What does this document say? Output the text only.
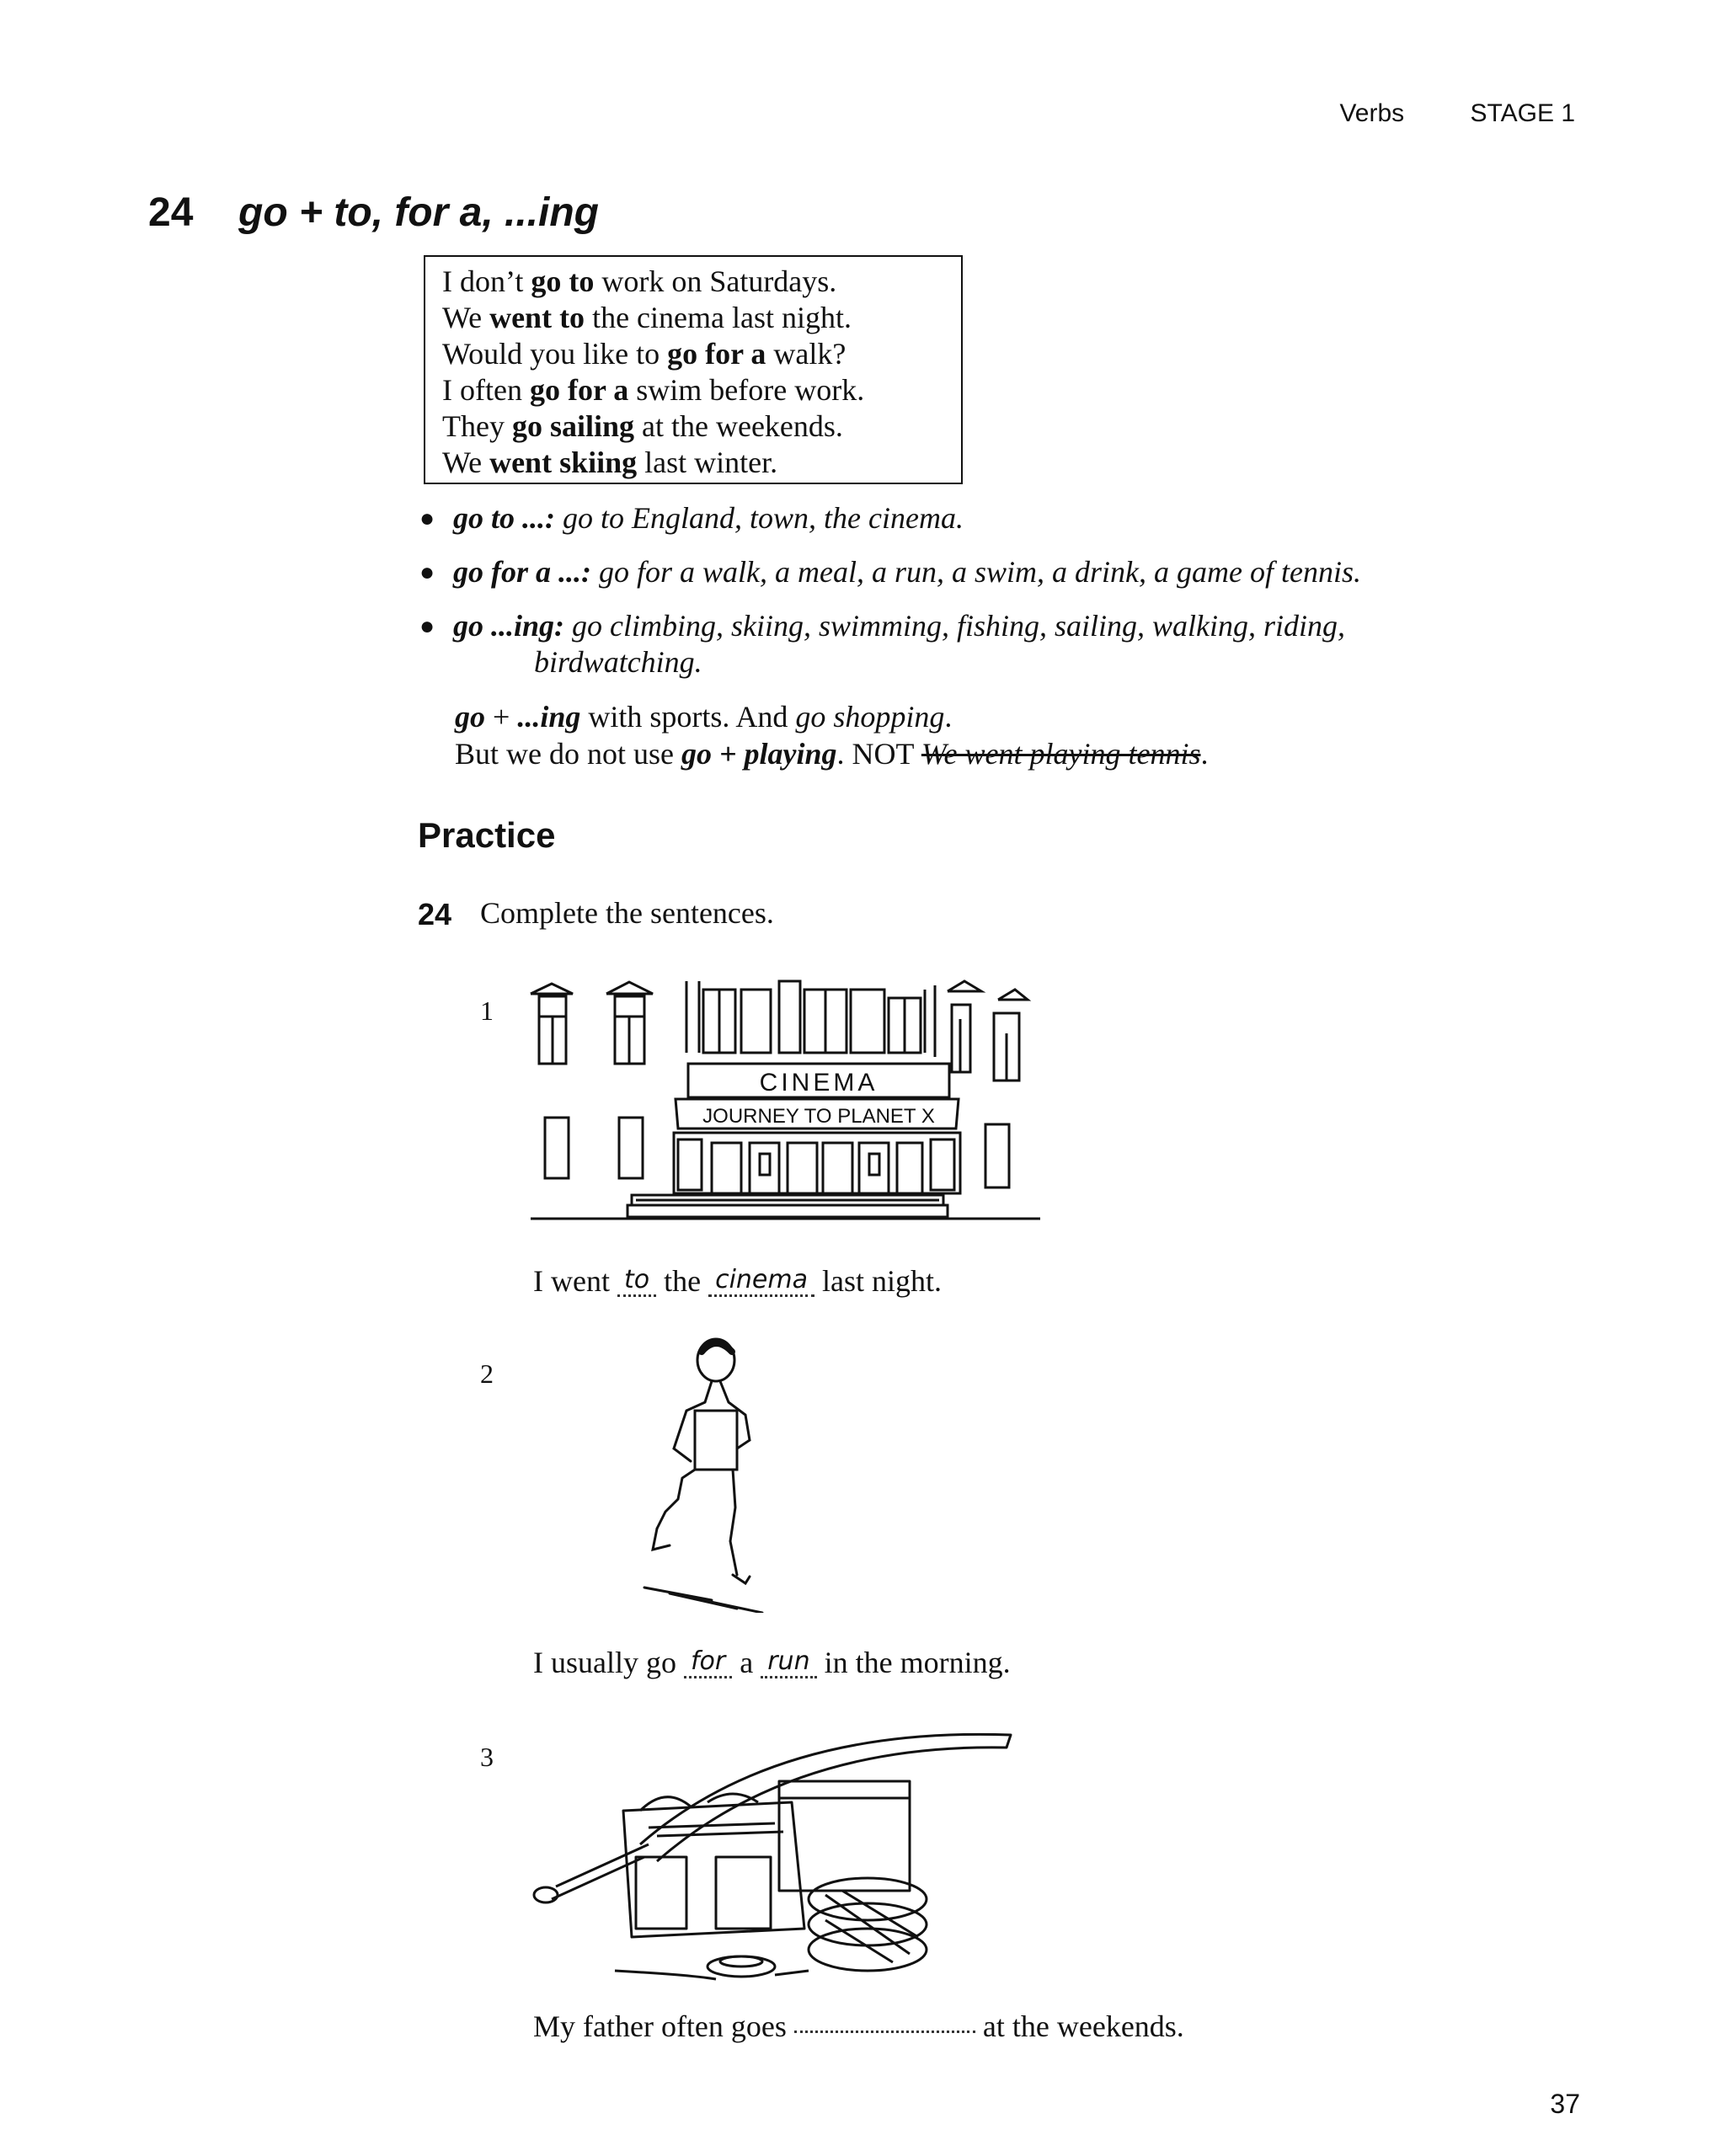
Verbs	STAGE 1
24 go + to, for a, ...ing
I don’t go to work on Saturdays.
We went to the cinema last night.
Would you like to go for a walk?
I often go for a swim before work.
They go sailing at the weekends.
We went skiing last winter.
● go to ...: go to England, town, the cinema.
● go for a ...: go for a walk, a meal, a run, a swim, a drink, a game of tennis.
● go ...ing: go climbing, skiing, swimming, fishing, sailing, walking, riding,
birdwatching.
go + ...ing with sports. And go shopping.
But we do not use go + playing. NOT We went playing tennis.
Practice
24 Complete the sentences.
1
CINEMA
JOURNEY TO PLANET X
I went to the cinema last night.
2
I usually go for a run in the morning.
3
My father often goes	at the weekends.
37
